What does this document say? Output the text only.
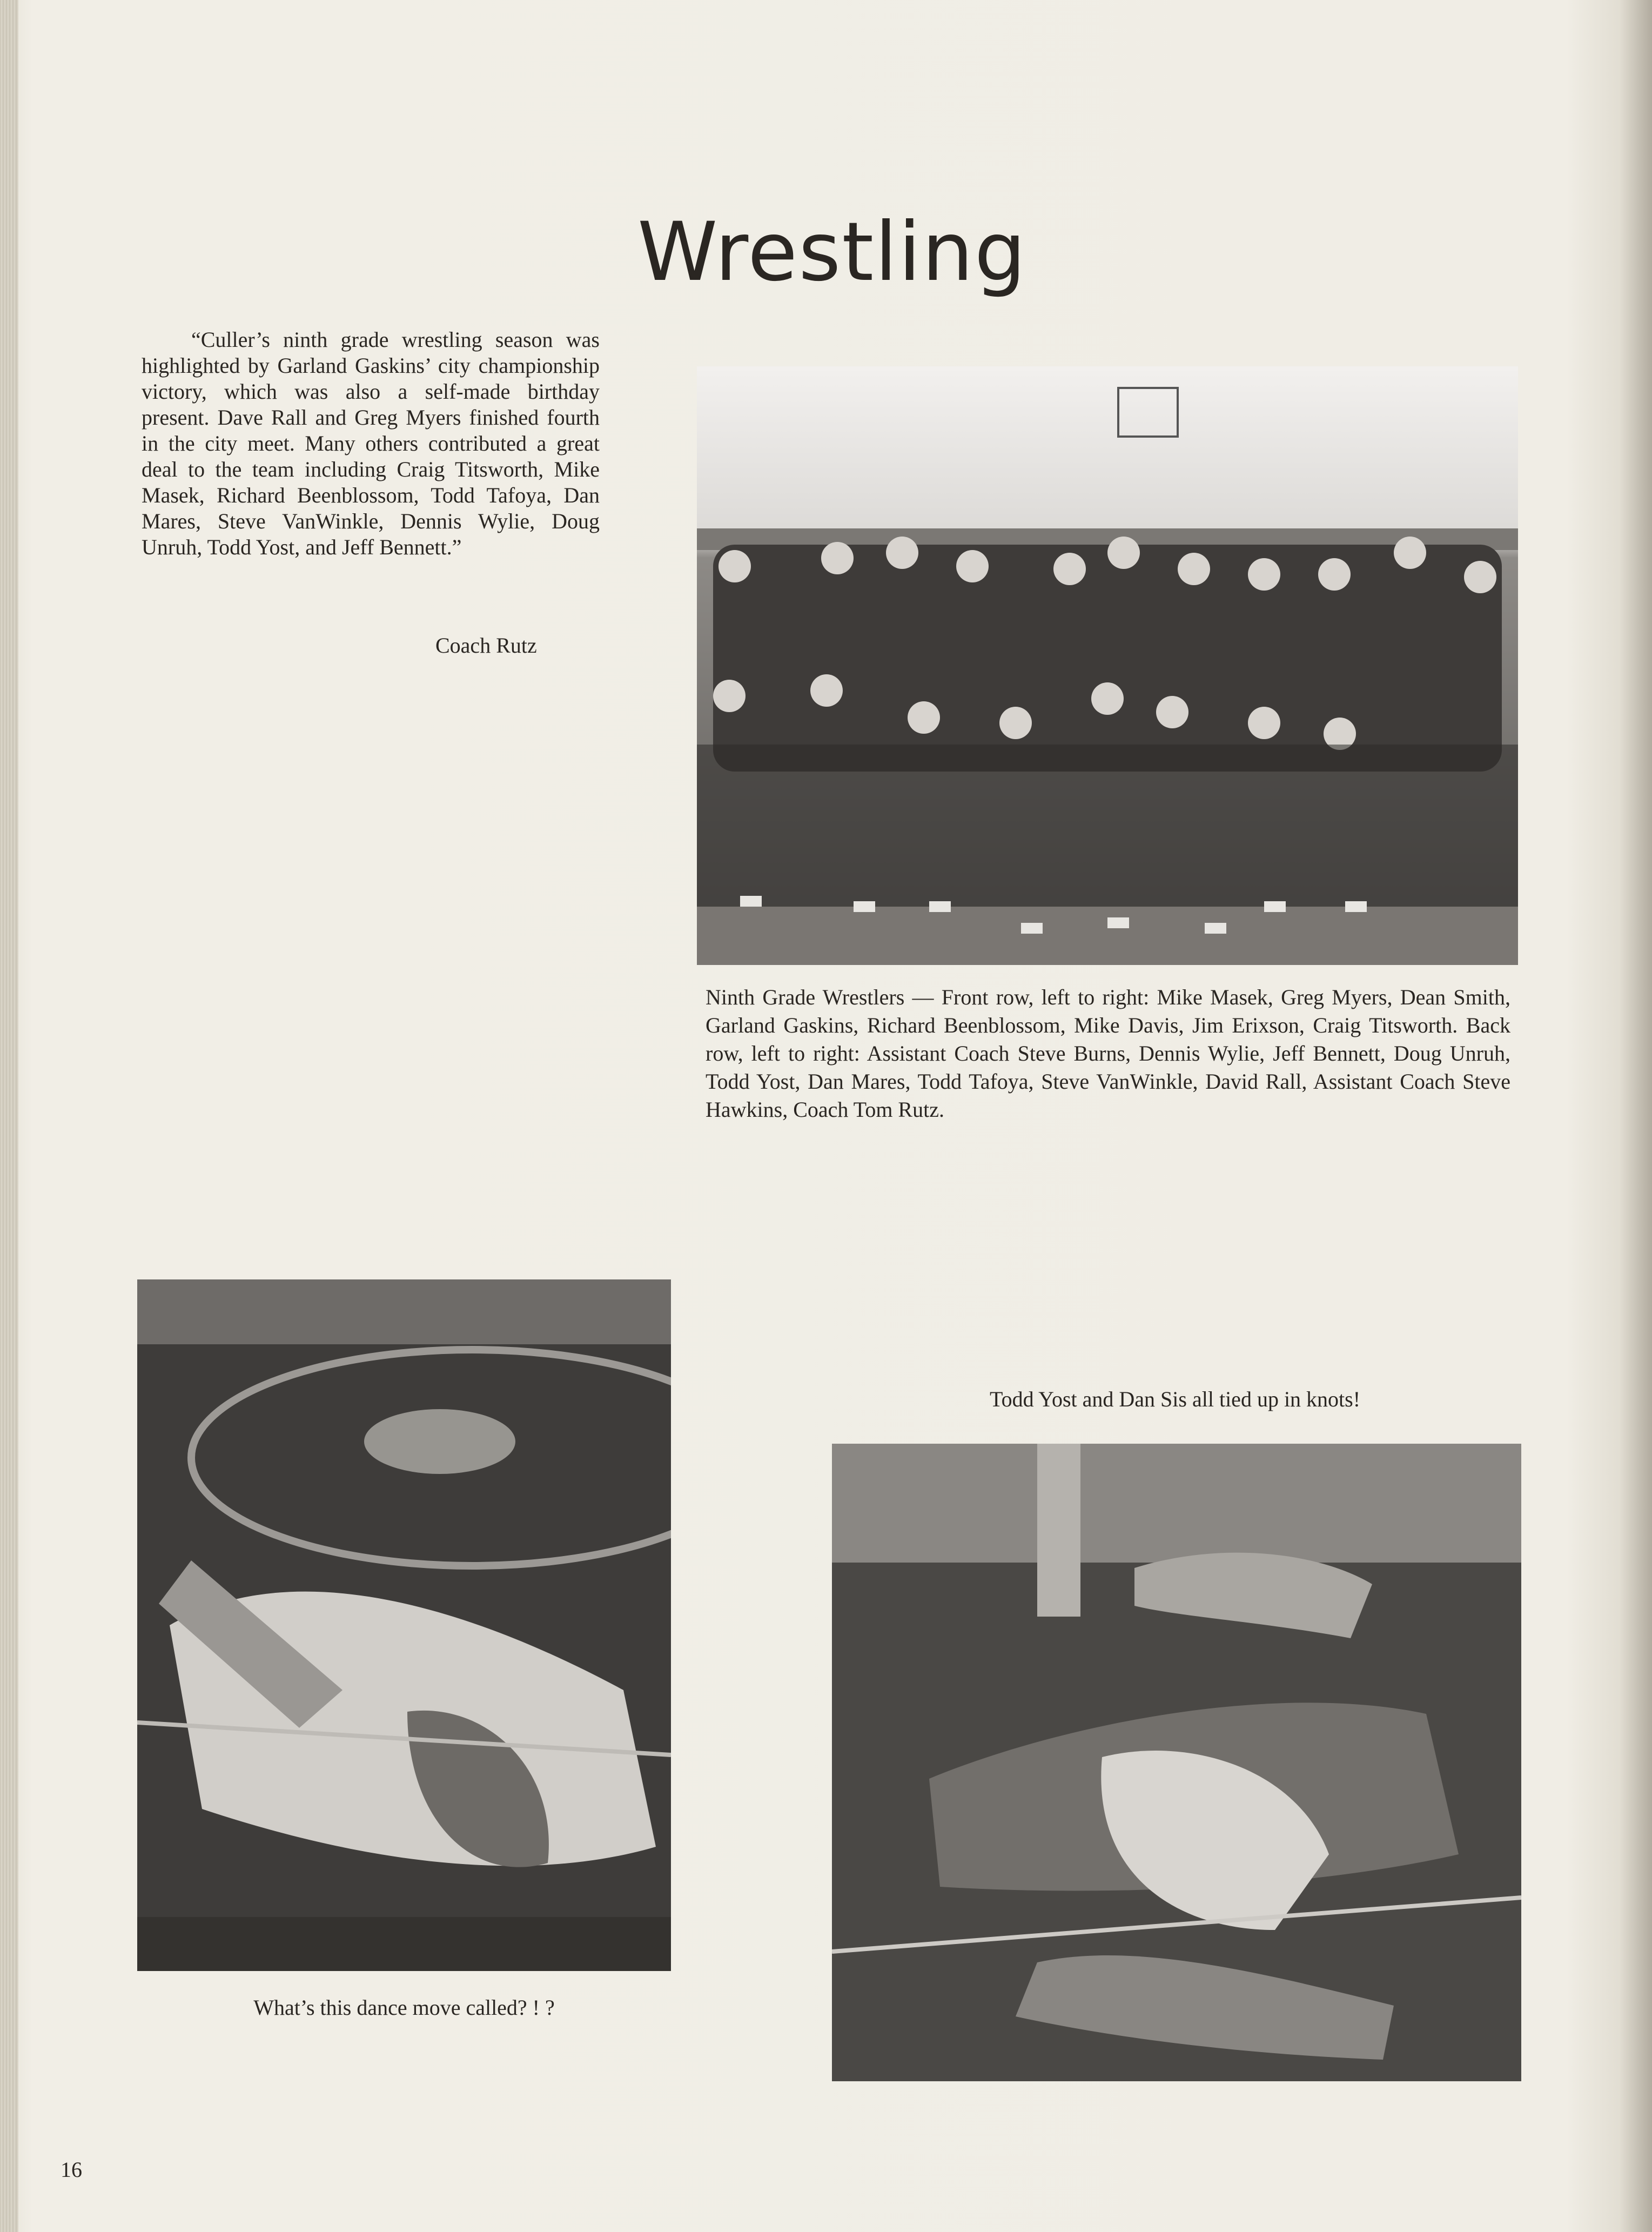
Wrestling

“Culler’s ninth grade wrestling season was highlighted by Garland Gaskins’ city championship victory, which was also a self-made birthday present. Dave Rall and Greg Myers finished fourth in the city meet. Many others contributed a great deal to the team including Craig Titsworth, Mike Masek, Richard Beenblossom, Todd Tafoya, Dan Mares, Steve VanWinkle, Dennis Wylie, Doug Unruh, Todd Yost, and Jeff Bennett.”

Coach Rutz
Ninth Grade Wrestlers — Front row, left to right: Mike Masek, Greg Myers, Dean Smith, Garland Gaskins, Richard Beenblossom, Mike Davis, Jim Erixson, Craig Titsworth. Back row, left to right: Assistant Coach Steve Burns, Dennis Wylie, Jeff Bennett, Doug Unruh, Todd Yost, Dan Mares, Todd Tafoya, Steve VanWinkle, David Rall, Assistant Coach Steve Hawkins, Coach Tom Rutz.
What’s this dance move called? ! ?
Todd Yost and Dan Sis all tied up in knots!
16
